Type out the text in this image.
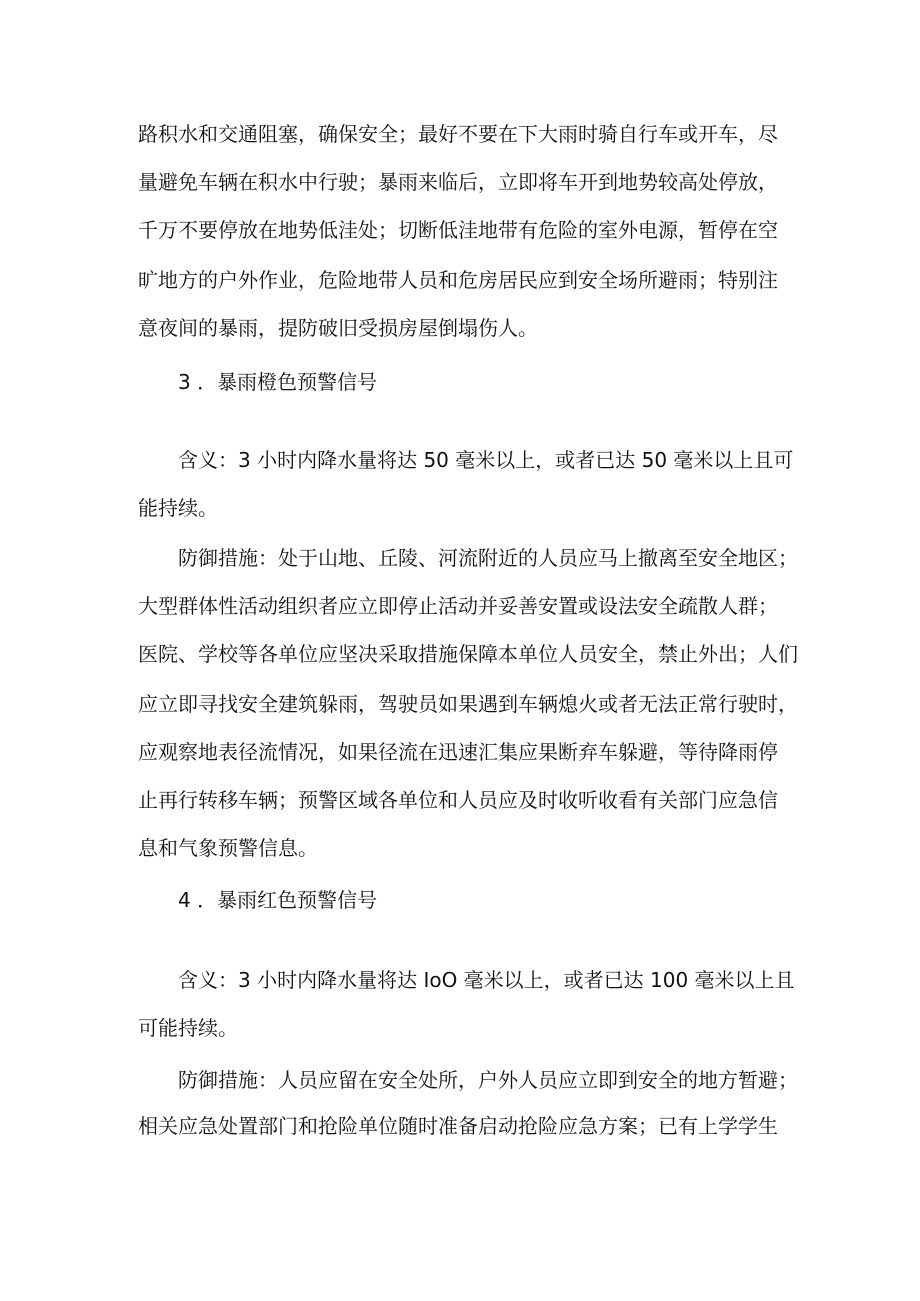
路积水和交通阻塞，确保安全；最好不要在下大雨时骑自行车或开车，尽
量避免车辆在积水中行驶；暴雨来临后，立即将车开到地势较高处停放，
千万不要停放在地势低洼处；切断低洼地带有危险的室外电源，暂停在空
旷地方的户外作业，危险地带人员和危房居民应到安全场所避雨；特别注
意夜间的暴雨，提防破旧受损房屋倒塌伤人。
3 ．暴雨橙色预警信号
含义：3 小时内降水量将达 50 毫米以上，或者已达 50 毫米以上且可
能持续。
防御措施：处于山地、丘陵、河流附近的人员应马上撤离至安全地区；
大型群体性活动组织者应立即停止活动并妥善安置或设法安全疏散人群；
医院、学校等各单位应坚决采取措施保障本单位人员安全，禁止外出；人们
应立即寻找安全建筑躲雨，驾驶员如果遇到车辆熄火或者无法正常行驶时，
应观察地表径流情况，如果径流在迅速汇集应果断弃车躲避，等待降雨停
止再行转移车辆；预警区域各单位和人员应及时收听收看有关部门应急信
息和气象预警信息。
4 ．暴雨红色预警信号
含义：3 小时内降水量将达 IoO 毫米以上，或者已达 100 毫米以上且
可能持续。
防御措施：人员应留在安全处所，户外人员应立即到安全的地方暂避；
相关应急处置部门和抢险单位随时准备启动抢险应急方案；已有上学学生
